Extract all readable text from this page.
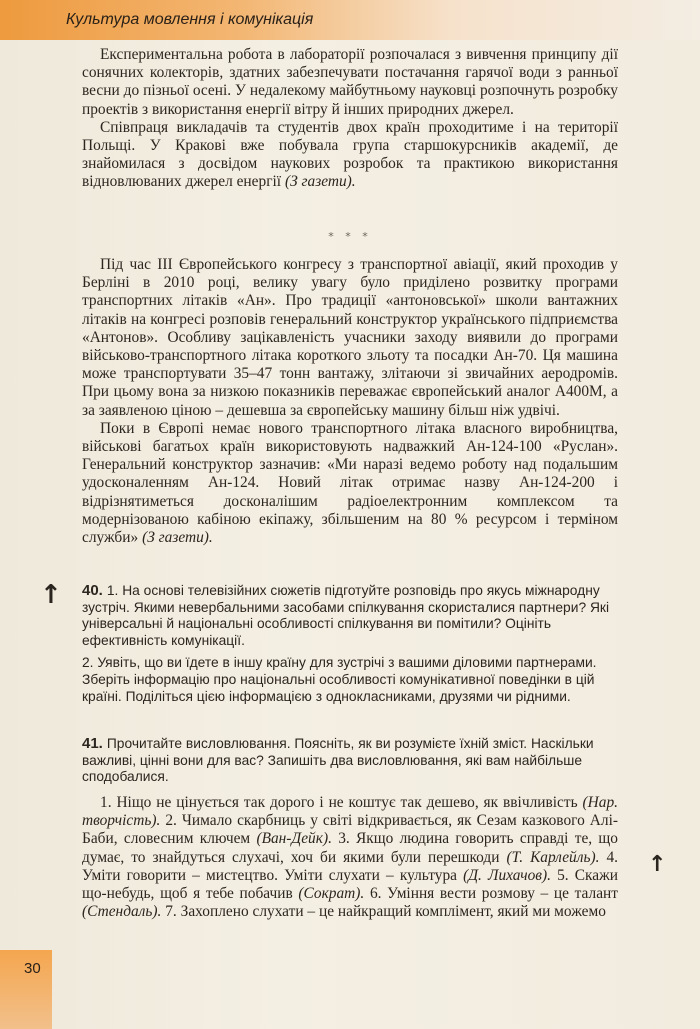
Культура мовлення і комунікація

Експериментальна робота в лабораторії розпочалася з вивчення принципу дії сонячних колекторів, здатних забезпечувати постачання гарячої води з ранньої весни до пізньої осені. У недалекому майбутньому науковці розпочнуть розробку проектів з використання енергії вітру й інших природних джерел.

Співпраця викладачів та студентів двох країн проходитиме і на території Польщі. У Кракові вже побувала група старшокурсників академії, де знайомилася з досвідом наукових розробок та практикою використання відновлюваних джерел енергії (З газети).

* * *

Під час ІІІ Європейського конгресу з транспортної авіації, який проходив у Берліні в 2010 році, велику увагу було приділено розвитку програми транспортних літаків «Ан». Про традиції «антоновської» школи вантажних літаків на конгресі розповів генеральний конструктор українського підприємства «Антонов». Особливу зацікавленість учасники заходу виявили до програми військово-транспортного літака короткого зльоту та посадки Ан-70. Ця машина може транспортувати 35–47 тонн вантажу, злітаючи зі звичайних аеродромів. При цьому вона за низкою показників переважає європейський аналог А400М, а за заявленою ціною – дешевша за європейську машину більш ніж удвічі.

Поки в Європі немає нового транспортного літака власного виробництва, військові багатьох країн використовують надважкий Ан-124-100 «Руслан». Генеральний конструктор зазначив: «Ми наразі ведемо роботу над подальшим удосконаленням Ан-124. Новий літак отримає назву Ан-124-200 і відрізнятиметься досконалішим радіоелектронним комплексом та модернізованою кабіною екіпажу, збільшеним на 80 % ресурсом і терміном служби» (З газети).

↑ 40. 1. На основі телевізійних сюжетів підготуйте розповідь про якусь міжнародну зустріч. Якими невербальними засобами спілкування скористалися партнери? Які універсальні й національні особливості спілкування ви помітили? Оцініть ефективність комунікації.

2. Уявіть, що ви їдете в іншу країну для зустрічі з вашими діловими партнерами. Зберіть інформацію про національні особливості комунікативної поведінки в цій країні. Поділіться цією інформацією з однокласниками, друзями чи рідними.

41. Прочитайте висловлювання. Поясніть, як ви розумієте їхній зміст. Наскільки важливі, цінні вони для вас? Запишіть два висловлювання, які вам найбільше сподобалися.

1. Ніщо не цінується так дорого і не коштує так дешево, як ввічливість (Нар. творчість). 2. Чимало скарбниць у світі відкривається, як Сезам казкового Алі-Баби, словесним ключем (Ван-Дейк). 3. Якщо людина говорить справді те, що думає, то знайдуться слухачі, хоч би якими були перешкоди (Т. Карлейль). 4. Уміти говорити – мистецтво. Уміти слухати – культура (Д. Лихачов). 5. Скажи що-небудь, щоб я тебе побачив (Сократ). 6. Уміння вести розмову – це талант (Стендаль). 7. Захоплено слухати – це найкращий комплімент, який ми можемо

↑
30
